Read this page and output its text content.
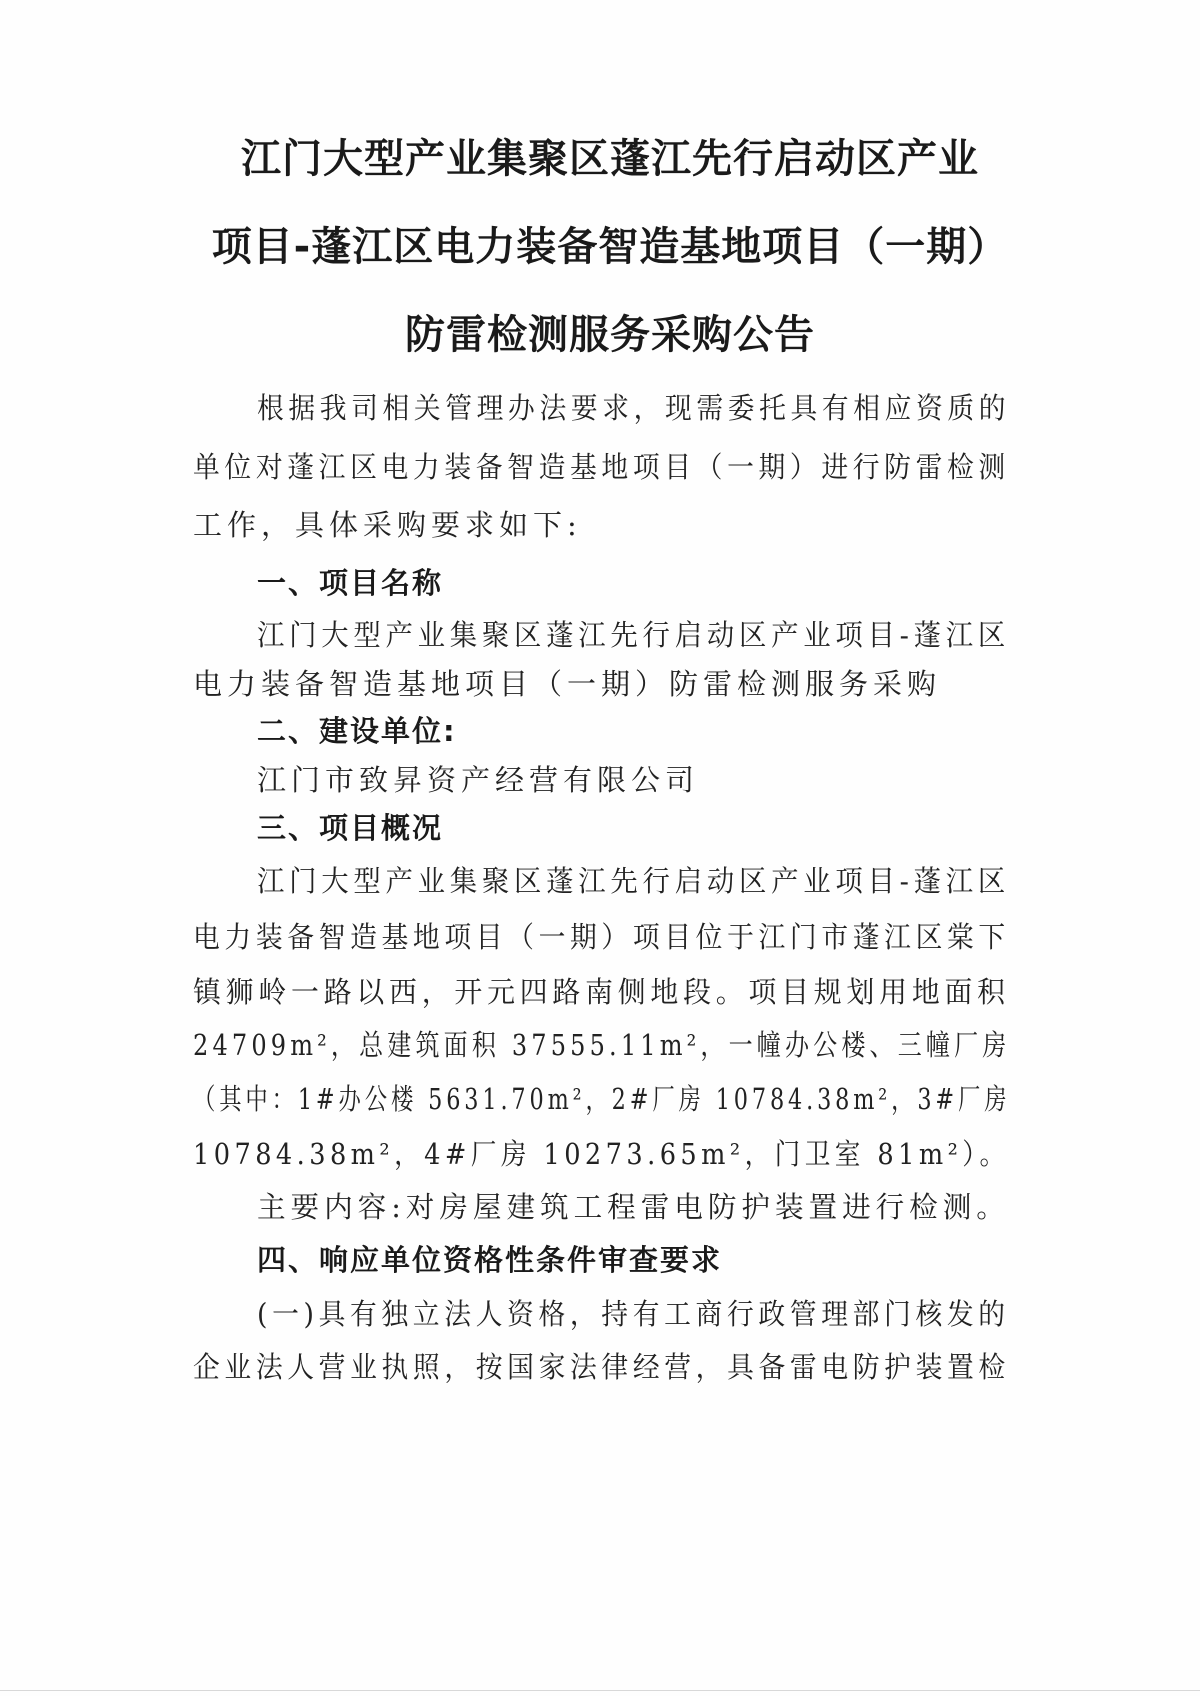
江门大型产业集聚区蓬江先行启动区产业
项目-蓬江区电力装备智造基地项目（一期）
防雷检测服务采购公告
根据我司相关管理办法要求，现需委托具有相应资质的
单位对蓬江区电力装备智造基地项目（一期）进行防雷检测
工作，具体采购要求如下:
一、项目名称
江门大型产业集聚区蓬江先行启动区产业项目-蓬江区
电力装备智造基地项目（一期）防雷检测服务采购
二、建设单位:
江门市致昇资产经营有限公司
三、项目概况
江门大型产业集聚区蓬江先行启动区产业项目-蓬江区
电力装备智造基地项目（一期）项目位于江门市蓬江区棠下
镇狮岭一路以西，开元四路南侧地段。项目规划用地面积
24709m²，总建筑面积 37555.11m²，一幢办公楼、三幢厂房
（其中：1#办公楼 5631.70m²，2#厂房 10784.38m²，3#厂房
10784.38m²，4#厂房 10273.65m²，门卫室 81m²）。
主要内容:对房屋建筑工程雷电防护装置进行检测。
四、响应单位资格性条件审查要求
(一)具有独立法人资格，持有工商行政管理部门核发的
企业法人营业执照，按国家法律经营，具备雷电防护装置检
